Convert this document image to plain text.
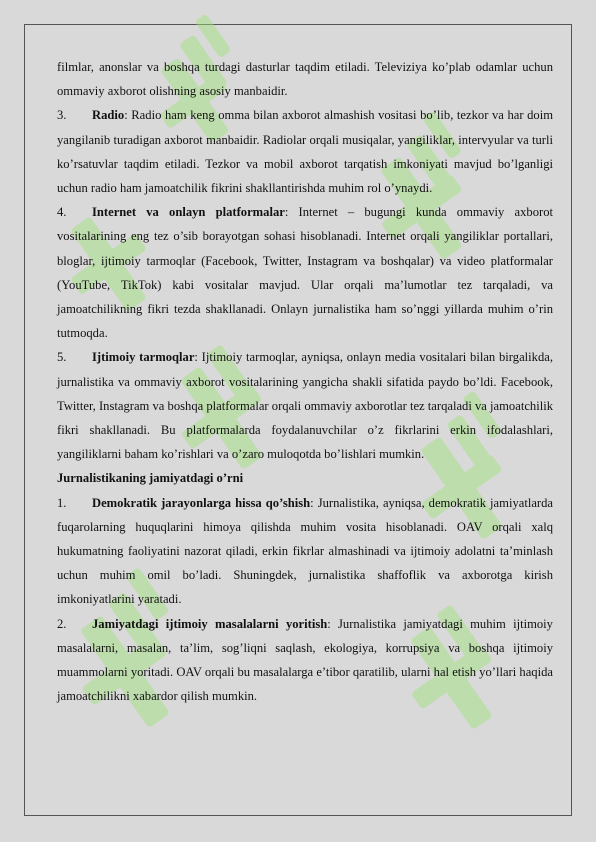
filmlar, anonslar va boshqa turdagi dasturlar taqdim etiladi. Televiziya ko’plab odamlar uchun ommaviy axborot olishning asosiy manbaidir.

3. Radio: Radio ham keng omma bilan axborot almashish vositasi bo’lib, tezkor va har doim yangilanib turadigan axborot manbaidir. Radiolar orqali musiqalar, yangiliklar, intervyular va turli ko’rsatuvlar taqdim etiladi. Tezkor va mobil axborot tarqatish imkoniyati mavjud bo’lganligi uchun radio ham jamoatchilik fikrini shakllantirishda muhim rol o’ynaydi.

4. Internet va onlayn platformalar: Internet – bugungi kunda ommaviy axborot vositalarining eng tez o’sib borayotgan sohasi hisoblanadi. Internet orqali yangiliklar portallari, bloglar, ijtimoiy tarmoqlar (Facebook, Twitter, Instagram va boshqalar) va video platformalar (YouTube, TikTok) kabi vositalar mavjud. Ular orqali ma’lumotlar tez tarqaladi, va jamoatchilikning fikri tezda shakllanadi. Onlayn jurnalistika ham so’nggi yillarda muhim o’rin tutmoqda.

5. Ijtimoiy tarmoqlar: Ijtimoiy tarmoqlar, ayniqsa, onlayn media vositalari bilan birgalikda, jurnalistika va ommaviy axborot vositalarining yangicha shakli sifatida paydo bo’ldi. Facebook, Twitter, Instagram va boshqa platformalar orqali ommaviy axborotlar tez tarqaladi va jamoatchilik fikri shakllanadi. Bu platformalarda foydalanuvchilar o’z fikrlarini erkin ifodalashlari, yangiliklarni baham ko’rishlari va o’zaro muloqotda bo’lishlari mumkin.

Jurnalistikaning jamiyatdagi o’rni

1. Demokratik jarayonlarga hissa qo’shish: Jurnalistika, ayniqsa, demokratik jamiyatlarda fuqarolarning huquqlarini himoya qilishda muhim vosita hisoblanadi. OAV orqali xalq hukumatning faoliyatini nazorat qiladi, erkin fikrlar almashinadi va ijtimoiy adolatni ta’minlash uchun muhim omil bo’ladi. Shuningdek, jurnalistika shaffoflik va axborotga kirish imkoniyatlarini yaratadi.

2. Jamiyatdagi ijtimoiy masalalarni yoritish: Jurnalistika jamiyatdagi muhim ijtimoiy masalalarni, masalan, ta’lim, sog’liqni saqlash, ekologiya, korrupsiya va boshqa ijtimoiy muammolarni yoritadi. OAV orqali bu masalalarga e’tibor qaratilib, ularni hal etish yo’llari haqida jamoatchilikni xabardor qilish mumkin.
